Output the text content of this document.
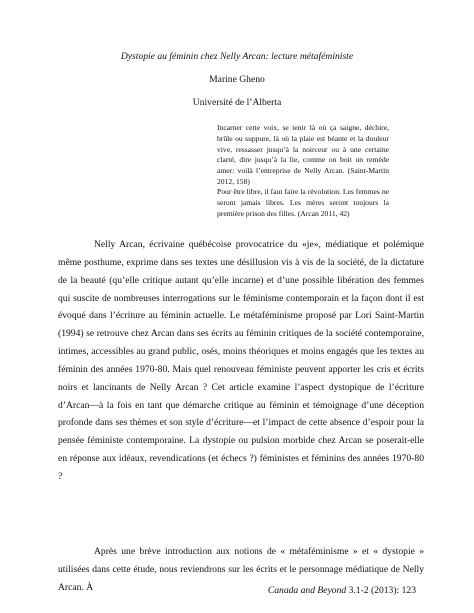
Dystopie au féminin chez Nelly Arcan: lecture métaféministe
Marine Gheno
Université de l’Alberta

Incarner cette voix, se tenir là où ça saigne, déchire, brûle ou suppure, là où la plaie est béante et la douleur vive, ressasser jusqu’à la noirceur ou à une certaine clarté, dire jusqu’à la lie, comme on boit un remède amer: voilà l’entreprise de Nelly Arcan. (Saint-Martin 2012, 158)

Pour être libre, il faut faire la révolution. Les femmes ne seront jamais libres. Les mères seront toujours la première prison des filles. (Arcan 2011, 42)

Nelly Arcan, écrivaine québécoise provocatrice du «je», médiatique et polémique même posthume, exprime dans ses textes une désillusion vis à vis de la société, de la dictature de la beauté (qu’elle critique autant qu’elle incarne) et d’une possible libération des femmes qui suscite de nombreuses interrogations sur le féminisme contemporain et la façon dont il est évoqué dans l’écriture au féminin actuelle. Le métaféminisme proposé par Lori Saint-Martin (1994) se retrouve chez Arcan dans ses écrits au féminin critiques de la société contemporaine, intimes, accessibles au grand public, osés, moins théoriques et moins engagés que les textes au féminin des années 1970-80. Mais quel renouveau féministe peuvent apporter les cris et écrits noirs et lancinants de Nelly Arcan ? Cet article examine l’aspect dystopique de l’écriture d’Arcan—à la fois en tant que démarche critique au féminin et témoignage d’une déception profonde dans ses thèmes et son style d’écriture—et l’impact de cette absence d’espoir pour la pensée féministe contemporaine. La dystopie ou pulsion morbide chez Arcan se poserait-elle en réponse aux idéaux, revendications (et échecs ?) féministes et féminins des années 1970-80 ?

Après une brève introduction aux notions de « métaféminisme » et « dystopie » utilisées dans cette étude, nous reviendrons sur les écrits et le personnage médiatique de Nelly Arcan. À	Canada and Beyond 3.1-2 (2013): 123
